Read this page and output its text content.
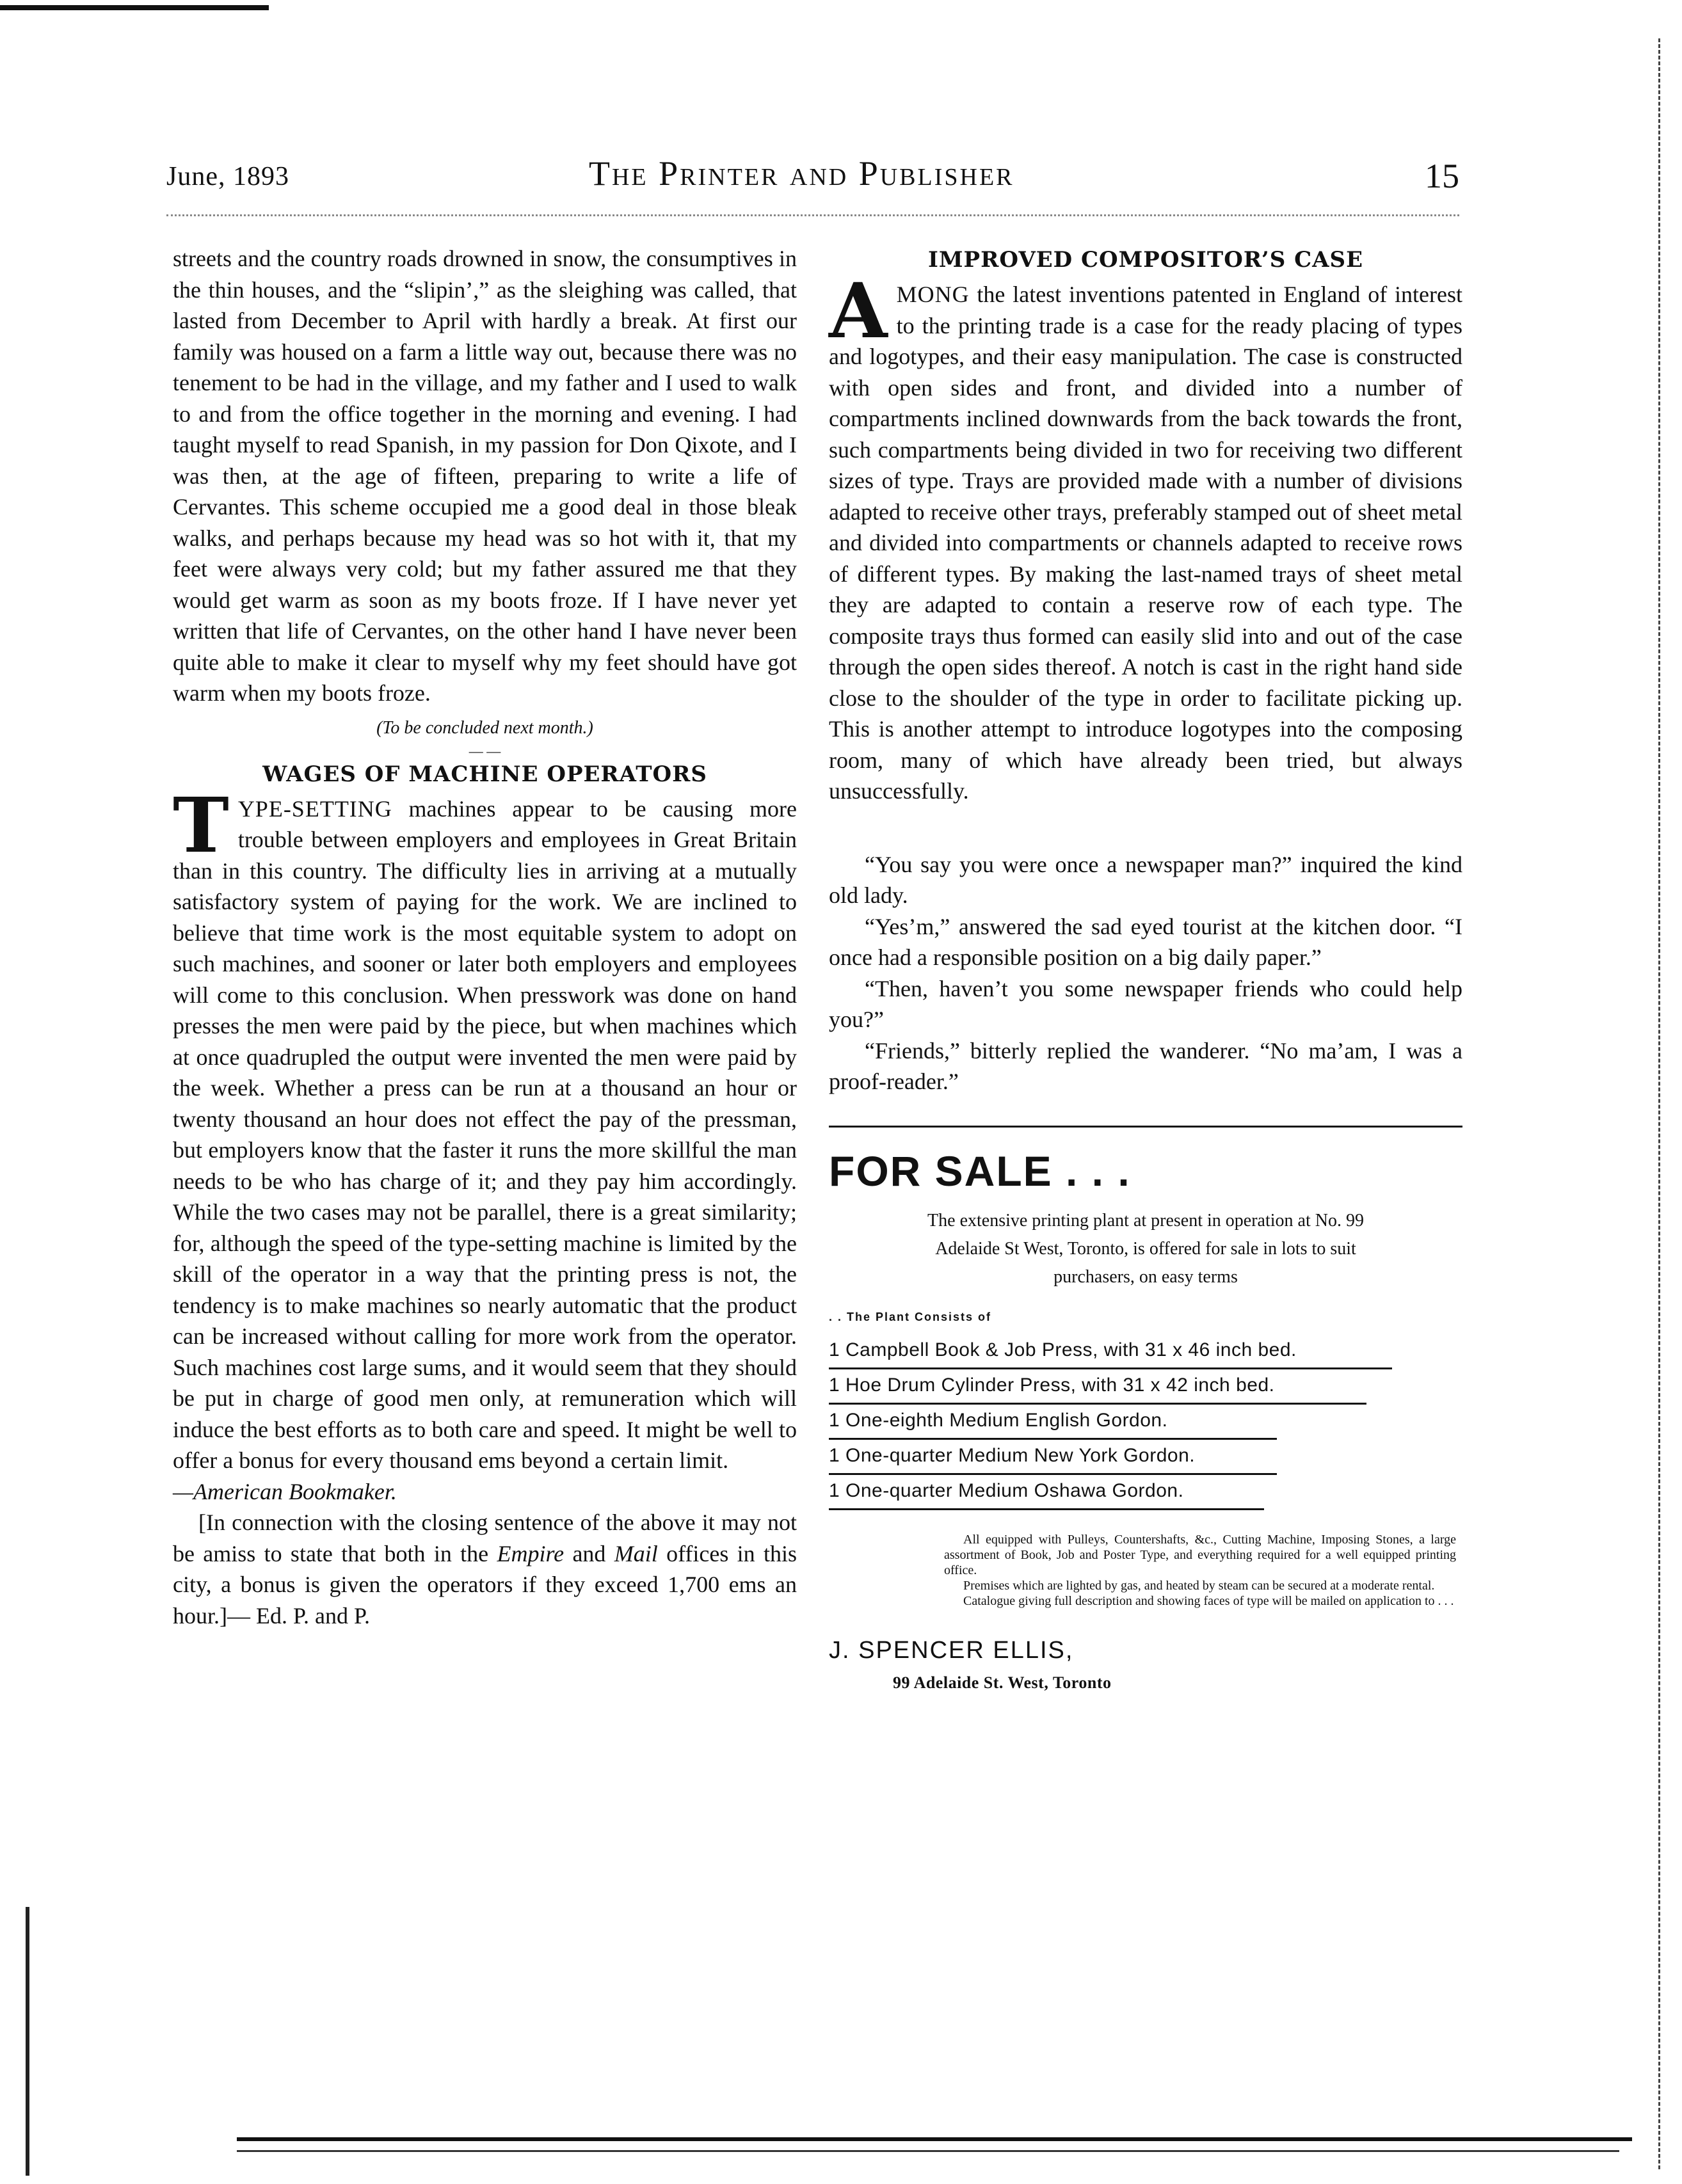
June, 1893	The Printer and Publisher	15

streets and the country roads drowned in snow, the consumptives in the thin houses, and the “slipin’,” as the sleighing was called, that lasted from December to April with hardly a break. At first our family was housed on a farm a little way out, because there was no tenement to be had in the village, and my father and I used to walk to and from the office together in the morning and evening. I had taught myself to read Spanish, in my passion for Don Qixote, and I was then, at the age of fifteen, preparing to write a life of Cervantes. This scheme occupied me a good deal in those bleak walks, and perhaps because my head was so hot with it, that my feet were always very cold; but my father assured me that they would get warm as soon as my boots froze. If I have never yet written that life of Cervantes, on the other hand I have never been quite able to make it clear to myself why my feet should have got warm when my boots froze.

(To be concluded next month.)
— —
WAGES OF MACHINE OPERATORS

TYPE-SETTING machines appear to be causing more trouble between employers and employees in Great Britain than in this country. The difficulty lies in arriving at a mutually satisfactory system of paying for the work. We are inclined to believe that time work is the most equitable system to adopt on such machines, and sooner or later both employers and employees will come to this conclusion. When presswork was done on hand presses the men were paid by the piece, but when machines which at once quadrupled the output were invented the men were paid by the week. Whether a press can be run at a thousand an hour or twenty thousand an hour does not effect the pay of the pressman, but employers know that the faster it runs the more skillful the man needs to be who has charge of it; and they pay him accordingly. While the two cases may not be parallel, there is a great similarity; for, although the speed of the type-setting machine is limited by the skill of the operator in a way that the printing press is not, the tendency is to make machines so nearly automatic that the product can be increased without calling for more work from the operator. Such machines cost large sums, and it would seem that they should be put in charge of good men only, at remuneration which will induce the best efforts as to both care and speed. It might be well to offer a bonus for every thousand ems beyond a certain limit.
—American Bookmaker.

[In connection with the closing sentence of the above it may not be amiss to state that both in the Empire and Mail offices in this city, a bonus is given the operators if they exceed 1,700 ems an hour.]— Ed. P. and P.

IMPROVED COMPOSITOR’S CASE

AMONG the latest inventions patented in England of interest to the printing trade is a case for the ready placing of types and logotypes, and their easy manipulation. The case is constructed with open sides and front, and divided into a number of compartments inclined downwards from the back towards the front, such compartments being divided in two for receiving two different sizes of type. Trays are provided made with a number of divisions adapted to receive other trays, preferably stamped out of sheet metal and divided into compartments or channels adapted to receive rows of different types. By making the last-named trays of sheet metal they are adapted to contain a reserve row of each type. The composite trays thus formed can easily slid into and out of the case through the open sides thereof. A notch is cast in the right hand side close to the shoulder of the type in order to facilitate picking up. This is another attempt to introduce logotypes into the composing room, many of which have already been tried, but always unsuccessfully.

“You say you were once a newspaper man?” inquired the kind old lady.

“Yes’m,” answered the sad eyed tourist at the kitchen door. “I once had a responsible position on a big daily paper.”

“Then, haven’t you some newspaper friends who could help you?”

“Friends,” bitterly replied the wanderer. “No ma’am, I was a proof-reader.”

FOR SALE . . .
The extensive printing plant at present in operation at No. 99 Adelaide St West, Toronto, is offered for sale in lots to suit purchasers, on easy terms
. . The Plant Consists of
1 Campbell Book & Job Press, with 31 x 46 inch bed.
1 Hoe Drum Cylinder Press, with 31 x 42 inch bed.
1 One-eighth Medium English Gordon.
1 One-quarter Medium New York Gordon.
1 One-quarter Medium Oshawa Gordon.
All equipped with Pulleys, Countershafts, &c., Cutting Machine, Imposing Stones, a large assortment of Book, Job and Poster Type, and everything required for a well equipped printing office.
Premises which are lighted by gas, and heated by steam can be secured at a moderate rental.
Catalogue giving full description and showing faces of type will be mailed on application to . . .
J. SPENCER ELLIS,
99 Adelaide St. West, Toronto
